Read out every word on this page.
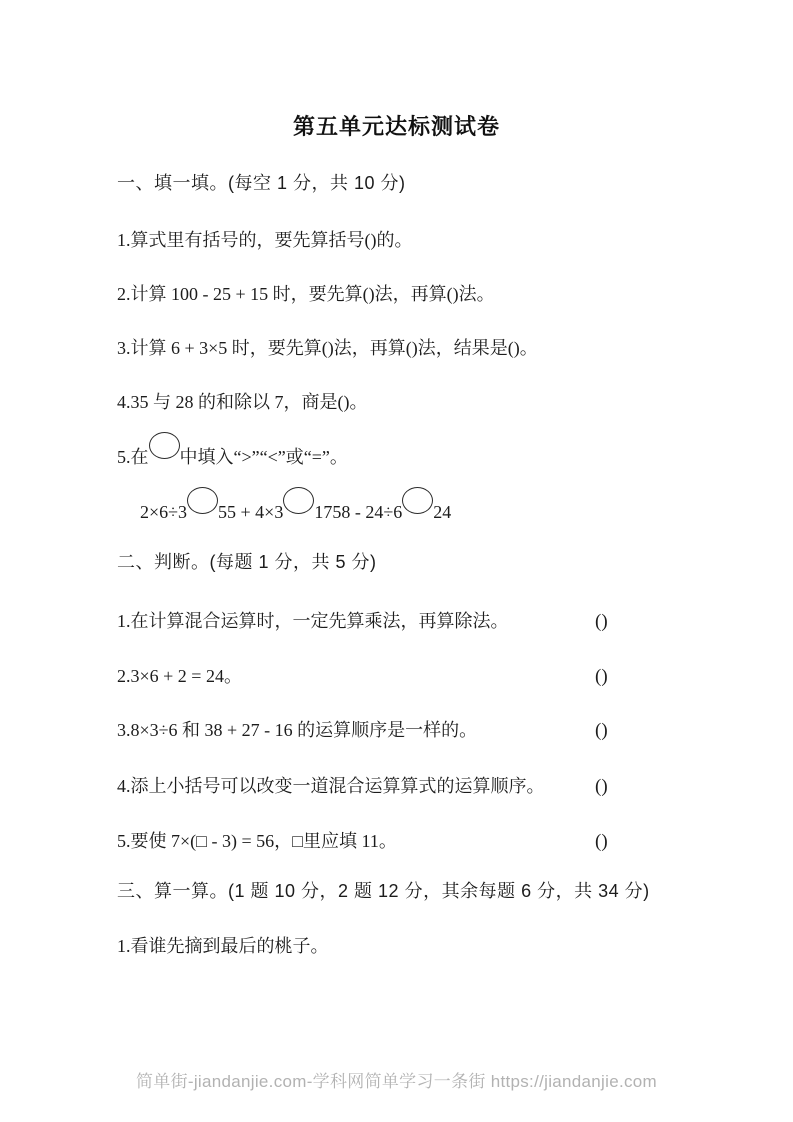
第五单元达标测试卷
一、填一填。(每空 1 分，共 10 分)
1.算式里有括号的，要先算括号()的。
2.计算 100 - 25 + 15 时，要先算()法，再算()法。
3.计算 6 + 3×5 时，要先算()法，再算()法，结果是()。
4.35 与 28 的和除以 7，商是()。
5.在 中填入“>”“<”或“=”。
2×6÷3 55 + 4×3 1758 - 24÷6 24
二、判断。(每题 1 分，共 5 分)
1.在计算混合运算时，一定先算乘法，再算除法。	()
2.3×6 + 2 = 24。	()
3.8×3÷6 和 38 + 27 - 16 的运算顺序是一样的。	()
4.添上小括号可以改变一道混合运算算式的运算顺序。	()
5.要使 7×(□ - 3) = 56，□里应填 11。	()
三、算一算。(1 题 10 分，2 题 12 分，其余每题 6 分，共 34 分)
1.看谁先摘到最后的桃子。
简单街-jiandanjie.com-学科网简单学习一条街 https://jiandanjie.com
